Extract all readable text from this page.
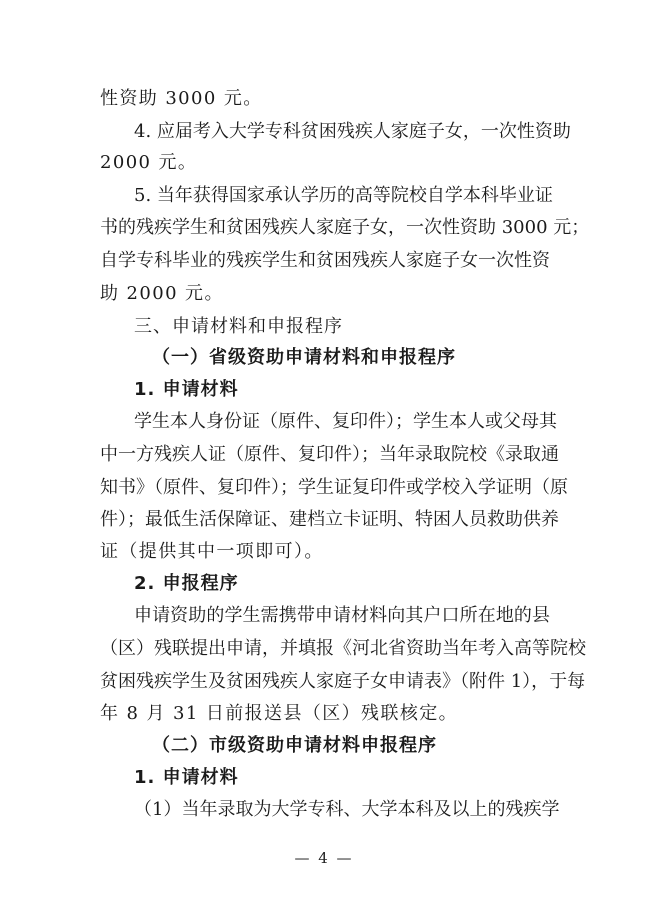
性资助 3000 元。
4. 应届考入大学专科贫困残疾人家庭子女，一次性资助
2000 元。
5. 当年获得国家承认学历的高等院校自学本科毕业证
书的残疾学生和贫困残疾人家庭子女，一次性资助 3000 元；
自学专科毕业的残疾学生和贫困残疾人家庭子女一次性资
助 2000 元。
三、申请材料和申报程序
（一）省级资助申请材料和申报程序
1. 申请材料
学生本人身份证（原件、复印件）；学生本人或父母其
中一方残疾人证（原件、复印件）；当年录取院校《录取通
知书》（原件、复印件）；学生证复印件或学校入学证明（原
件）；最低生活保障证、建档立卡证明、特困人员救助供养
证（提供其中一项即可）。
2. 申报程序
申请资助的学生需携带申请材料向其户口所在地的县
（区）残联提出申请，并填报《河北省资助当年考入高等院校
贫困残疾学生及贫困残疾人家庭子女申请表》（附件 1），于每
年 8 月 31 日前报送县（区）残联核定。
（二）市级资助申请材料申报程序
1. 申请材料
（1）当年录取为大学专科、大学本科及以上的残疾学
— 4 —
